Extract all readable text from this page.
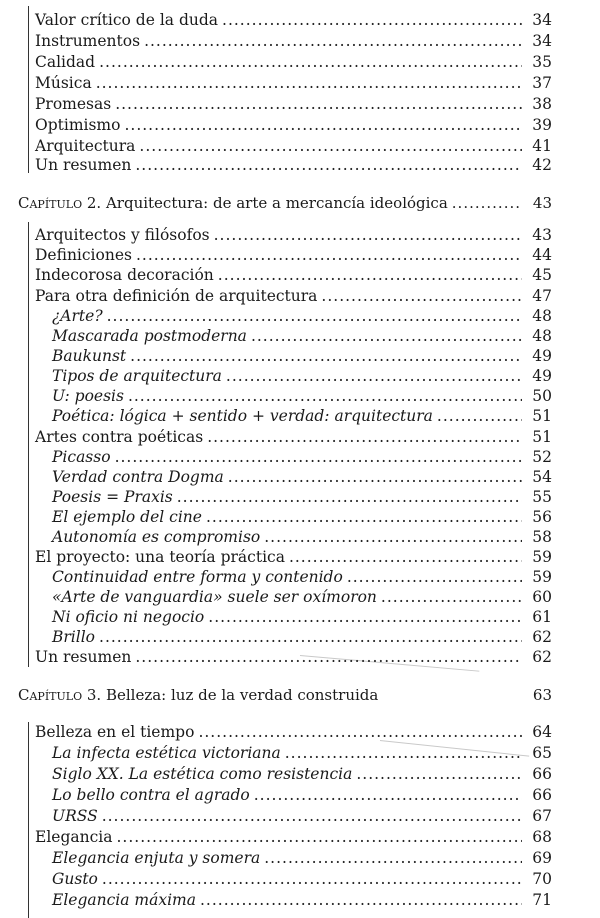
Valor crítico de la duda .....	34
Instrumentos .....	34
Calidad .....	35
Música .....	37
Promesas .....	38
Optimismo .....	39
Arquitectura .....	41
Un resumen .....	42
Capítulo 2. Arquitectura: de arte a mercancía ideológica .....	43
Arquitectos y filósofos .....	43
Definiciones .....	44
Indecorosa decoración .....	45
Para otra definición de arquitectura .....	47
¿Arte? .....	48
Mascarada postmoderna .....	48
Baukunst .....	49
Tipos de arquitectura .....	49
U: poesis .....	50
Poética: lógica + sentido + verdad: arquitectura .....	51
Artes contra poéticas .....	51
Picasso .....	52
Verdad contra Dogma .....	54
Poesis = Praxis .....	55
El ejemplo del cine .....	56
Autonomía es compromiso .....	58
El proyecto: una teoría práctica .....	59
Continuidad entre forma y contenido .....	59
«Arte de vanguardia» suele ser oxímoron .....	60
Ni oficio ni negocio .....	61
Brillo .....	62
Un resumen .....	62
Capítulo 3. Belleza: luz de la verdad construida	63
Belleza en el tiempo .....	64
La infecta estética victoriana .....	65
Siglo XX. La estética como resistencia .....	66
Lo bello contra el agrado .....	66
URSS .....	67
Elegancia .....	68
Elegancia enjuta y somera .....	69
Gusto .....	70
Elegancia máxima .....	71
